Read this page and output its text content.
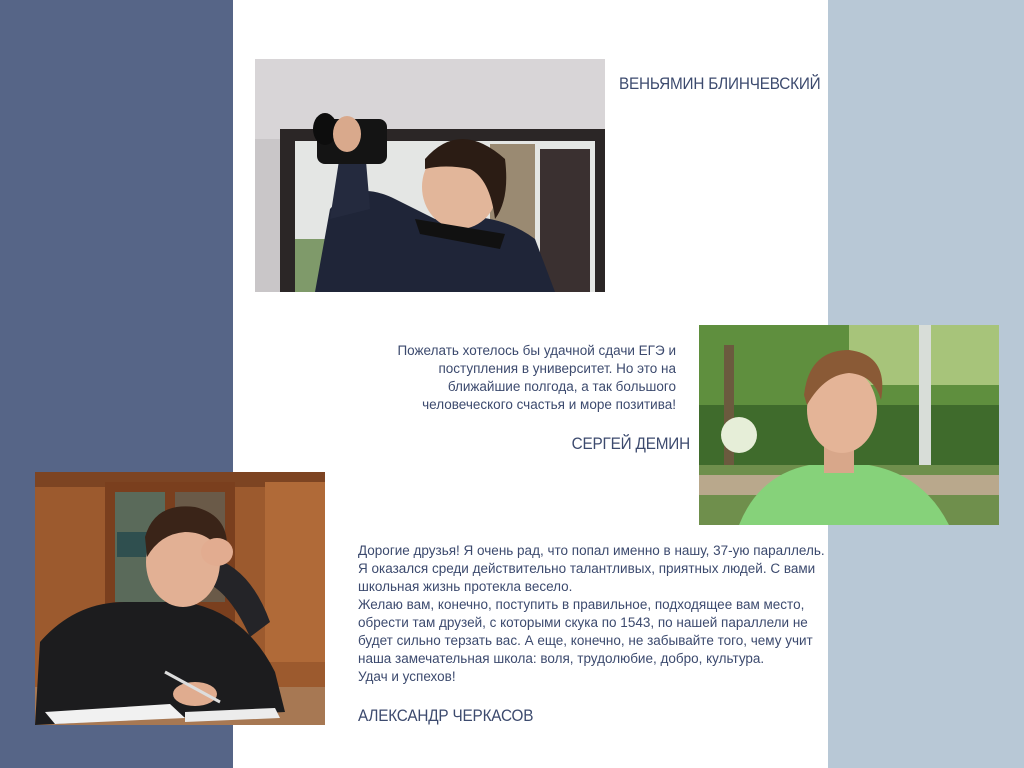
ВЕНЬЯМИН БЛИНЧЕВСКИЙ
Пожелать хотелось бы удачной сдачи ЕГЭ и
поступления в университет. Но это на
ближайшие полгода, а так большого
человеческого счастья и море позитива!
СЕРГЕЙ ДЕМИН
Дорогие друзья! Я очень рад, что попал именно в нашу, 37-ую параллель.
Я оказался среди действительно талантливых, приятных людей. С вами
школьная жизнь протекла весело.
Желаю вам, конечно, поступить в правильное, подходящее вам место,
обрести там друзей, с которыми скука по 1543, по нашей параллели не
будет сильно терзать вас. А еще, конечно, не забывайте того, чему учит
наша замечательная школа: воля, трудолюбие, добро, культура.
Удач и успехов!
АЛЕКСАНДР ЧЕРКАСОВ
